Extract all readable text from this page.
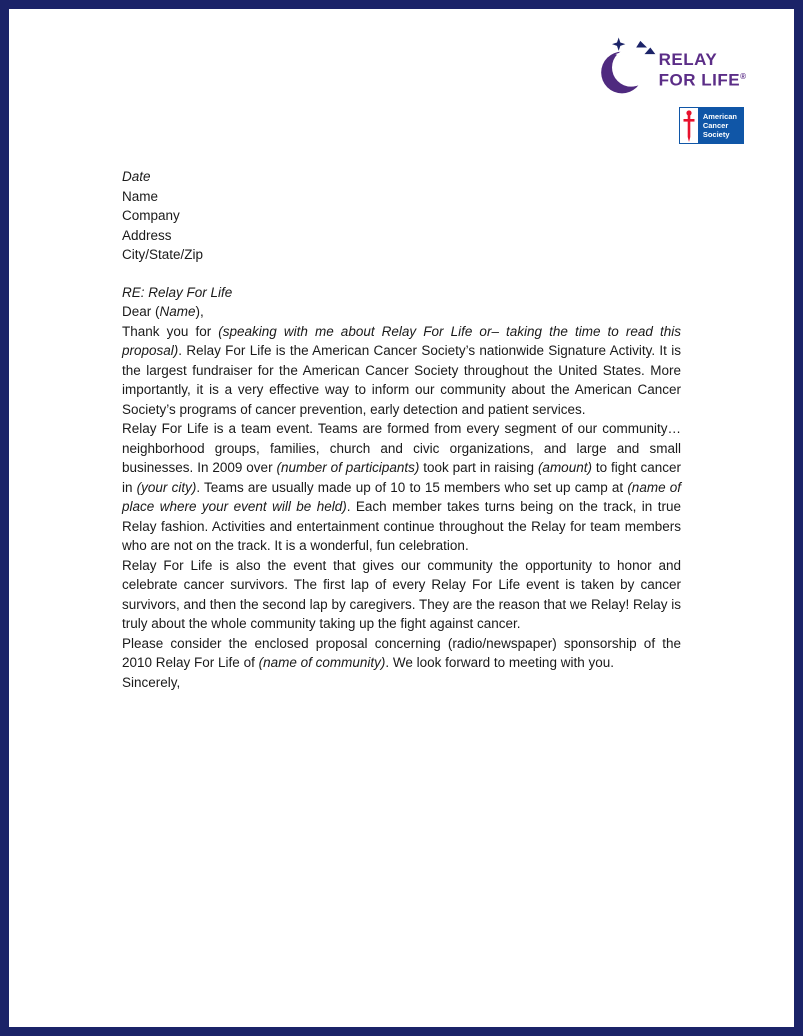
RELAY
FOR LIFE®
American
Cancer
Society

Date

Name
Company
Address
City/State/Zip

RE: Relay For Life

Dear (Name),

Thank you for (speaking with me about Relay For Life or– taking the time to read this proposal). Relay For Life is the American Cancer Society’s nationwide Signature Activity. It is the largest fundraiser for the American Cancer Society throughout the United States. More importantly, it is a very effective way to inform our community about the American Cancer Society’s programs of cancer prevention, early detection and patient services.

Relay For Life is a team event. Teams are formed from every segment of our community… neighborhood groups, families, church and civic organizations, and large and small businesses. In 2009 over (number of participants) took part in raising (amount) to fight cancer in (your city). Teams are usually made up of 10 to 15 members who set up camp at (name of place where your event will be held). Each member takes turns being on the track, in true Relay fashion. Activities and entertainment continue throughout the Relay for team members who are not on the track. It is a wonderful, fun celebration.

Relay For Life is also the event that gives our community the opportunity to honor and celebrate cancer survivors. The first lap of every Relay For Life event is taken by cancer survivors, and then the second lap by caregivers. They are the reason that we Relay! Relay is truly about the whole community taking up the fight against cancer.

Please consider the enclosed proposal concerning (radio/newspaper) sponsorship of the 2010 Relay For Life of (name of community). We look forward to meeting with you.

Sincerely,
